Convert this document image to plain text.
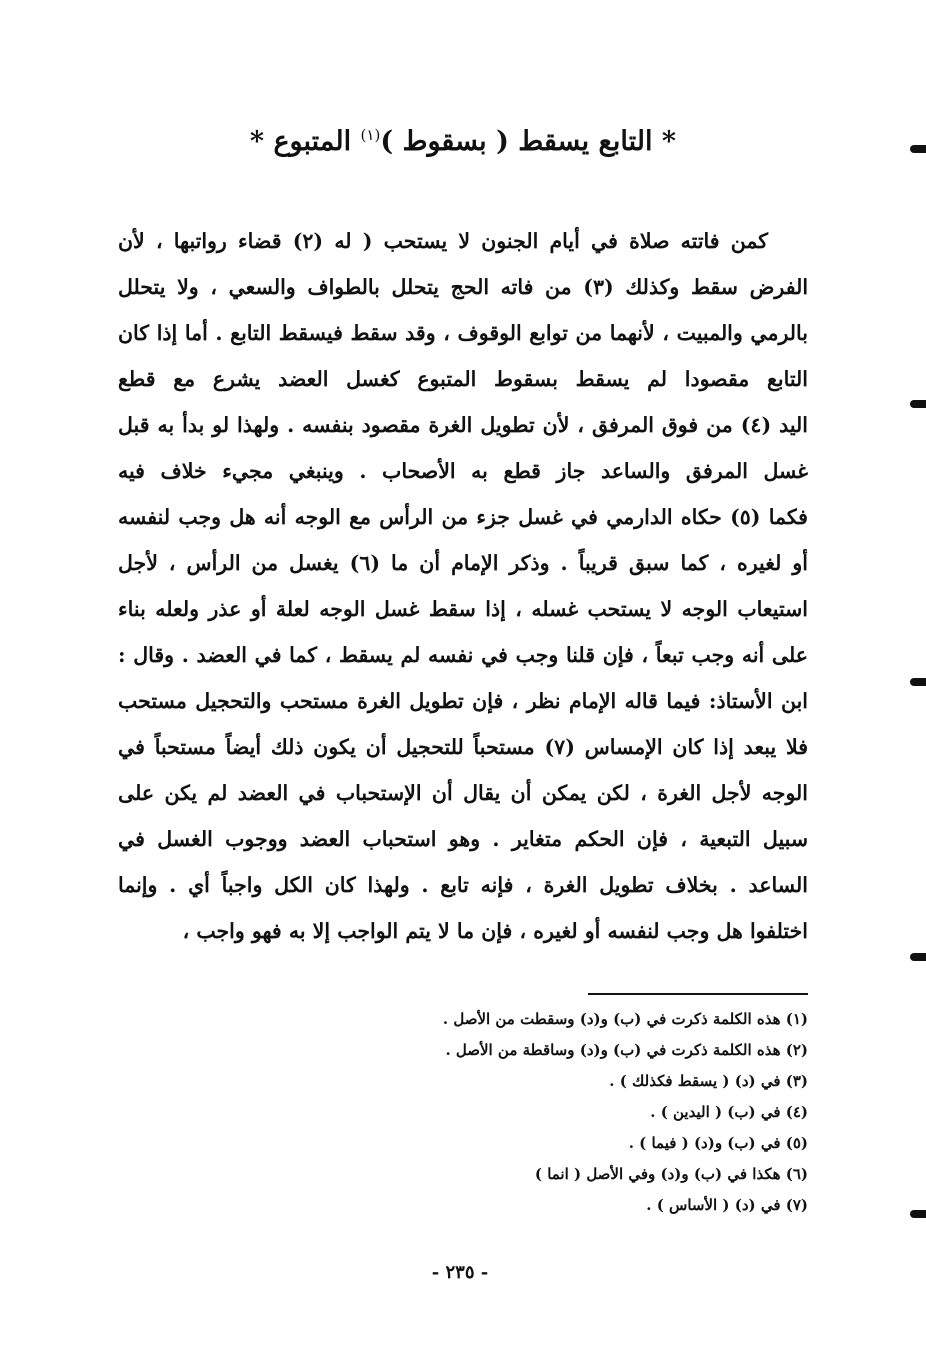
* التابع يسقط ( بسقوط )$^{(١)}$ المتبوع *
كمن فاتته صلاة في أيام الجنون لا يستحب ( له (٢) قضاء رواتبها ، لأن
الفرض سقط وكذلك (٣) من فاته الحج يتحلل بالطواف والسعي ، ولا يتحلل
بالرمي والمبيت ، لأنهما من توابع الوقوف ، وقد سقط فيسقط التابع . أما إذا كان
التابع مقصودا لم يسقط بسقوط المتبوع كغسل العضد يشرع مع قطع
اليد (٤) من فوق المرفق ، لأن تطويل الغرة مقصود بنفسه . ولهذا لو بدأ به قبل
غسل المرفق والساعد جاز قطع به الأصحاب . وينبغي مجيء خلاف فيه
فكما (٥) حكاه الدارمي في غسل جزء من الرأس مع الوجه أنه هل وجب لنفسه
أو لغيره ، كما سبق قريباً . وذكر الإمام أن ما (٦) يغسل من الرأس ، لأجل
استيعاب الوجه لا يستحب غسله ، إذا سقط غسل الوجه لعلة أو عذر ولعله بناء
على أنه وجب تبعاً ، فإن قلنا وجب في نفسه لم يسقط ، كما في العضد . وقال :
ابن الأستاذ: فيما قاله الإمام نظر ، فإن تطويل الغرة مستحب والتحجيل مستحب
فلا يبعد إذا كان الإمساس (٧) مستحباً للتحجيل أن يكون ذلك أيضاً مستحباً في
الوجه لأجل الغرة ، لكن يمكن أن يقال أن الإستحباب في العضد لم يكن على
سبيل التبعية ، فإن الحكم متغاير . وهو استحباب العضد ووجوب الغسل في
الساعد . بخلاف تطويل الغرة ، فإنه تابع . ولهذا كان الكل واجباً أي . وإنما
اختلفوا هل وجب لنفسه أو لغيره ، فإن ما لا يتم الواجب إلا به فهو واجب ،
(١) هذه الكلمة ذكرت في (ب) و(د) وسقطت من الأصل .
(٢) هذه الكلمة ذكرت في (ب) و(د) وساقطة من الأصل .
(٣) في (د) ( يسقط فكذلك ) .
(٤) في (ب) ( اليدين ) .
(٥) في (ب) و(د) ( فيما ) .
(٦) هكذا في (ب) و(د) وفي الأصل ( انما )
(٧) في (د) ( الأساس ) .
- ٢٣٥ -
